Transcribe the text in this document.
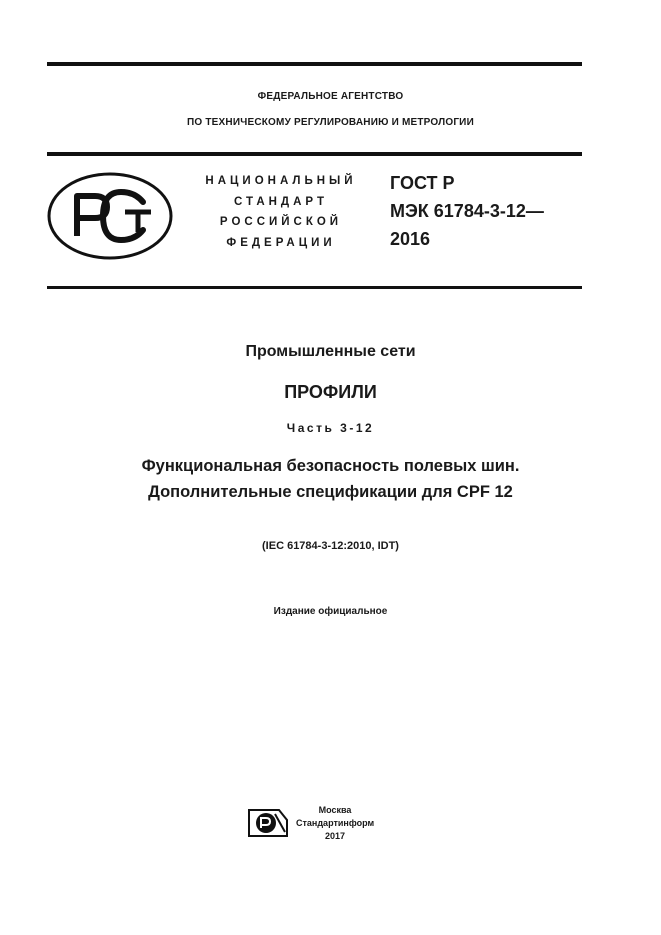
ФЕДЕРАЛЬНОЕ АГЕНТСТВО
ПО ТЕХНИЧЕСКОМУ РЕГУЛИРОВАНИЮ И МЕТРОЛОГИИ
НАЦИОНАЛЬНЫЙ
СТАНДАРТ
РОССИЙСКОЙ
ФЕДЕРАЦИИ
ГОСТ Р
МЭК 61784-3-12—
2016
Промышленные сети
ПРОФИЛИ
Часть 3-12
Функциональная безопасность полевых шин.
Дополнительные спецификации для CPF 12
(IEC 61784-3-12:2010, IDT)
Издание официальное
Москва
Стандартинформ
2017
